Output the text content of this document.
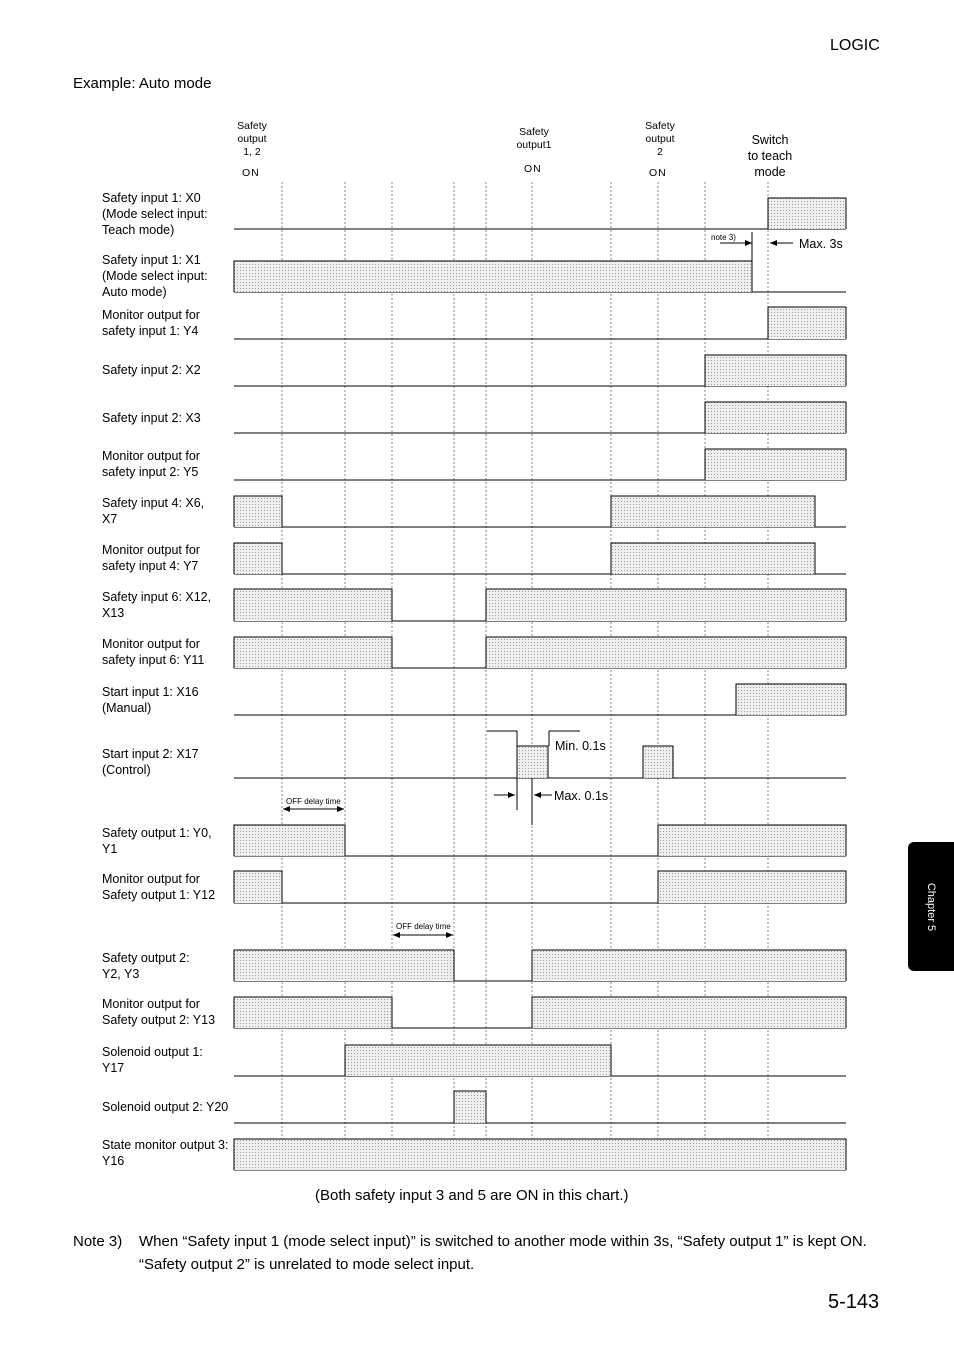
LOGIC
Example: Auto mode
Safety
output
1, 2
ON
Safety
output1
ON
Safety
output
2
ON
Switch
to teach
mode
Safety input 1: X0
(Mode select input:
Teach mode)
Safety input 1: X1
(Mode select input:
Auto mode)
Monitor output for
safety input 1: Y4
Safety input 2: X2
Safety input 2: X3
Monitor output for
safety input 2: Y5
Safety input 4: X6,
X7
Monitor output for
safety input 4: Y7
Safety input 6: X12,
X13
Monitor output for
safety input 6: Y11
Start input 1: X16
(Manual)
Start input 2: X17
(Control)
Safety output 1: Y0,
Y1
Monitor output for
Safety output 1: Y12
Safety output 2:
Y2, Y3
Monitor output for
Safety output 2: Y13
Solenoid output 1:
Y17
Solenoid output 2: Y20
State monitor output 3:
Y16
note 3)	Max. 3s
Min. 0.1s
Max. 0.1s
OFF delay time
OFF delay time
(Both safety input 3 and 5 are ON in this chart.)
Note 3) When “Safety input 1 (mode select input)” is switched to another mode within 3s, “Safety output 1” is kept ON.
“Safety output 2” is unrelated to mode select input.
5-143
Chapter 5
